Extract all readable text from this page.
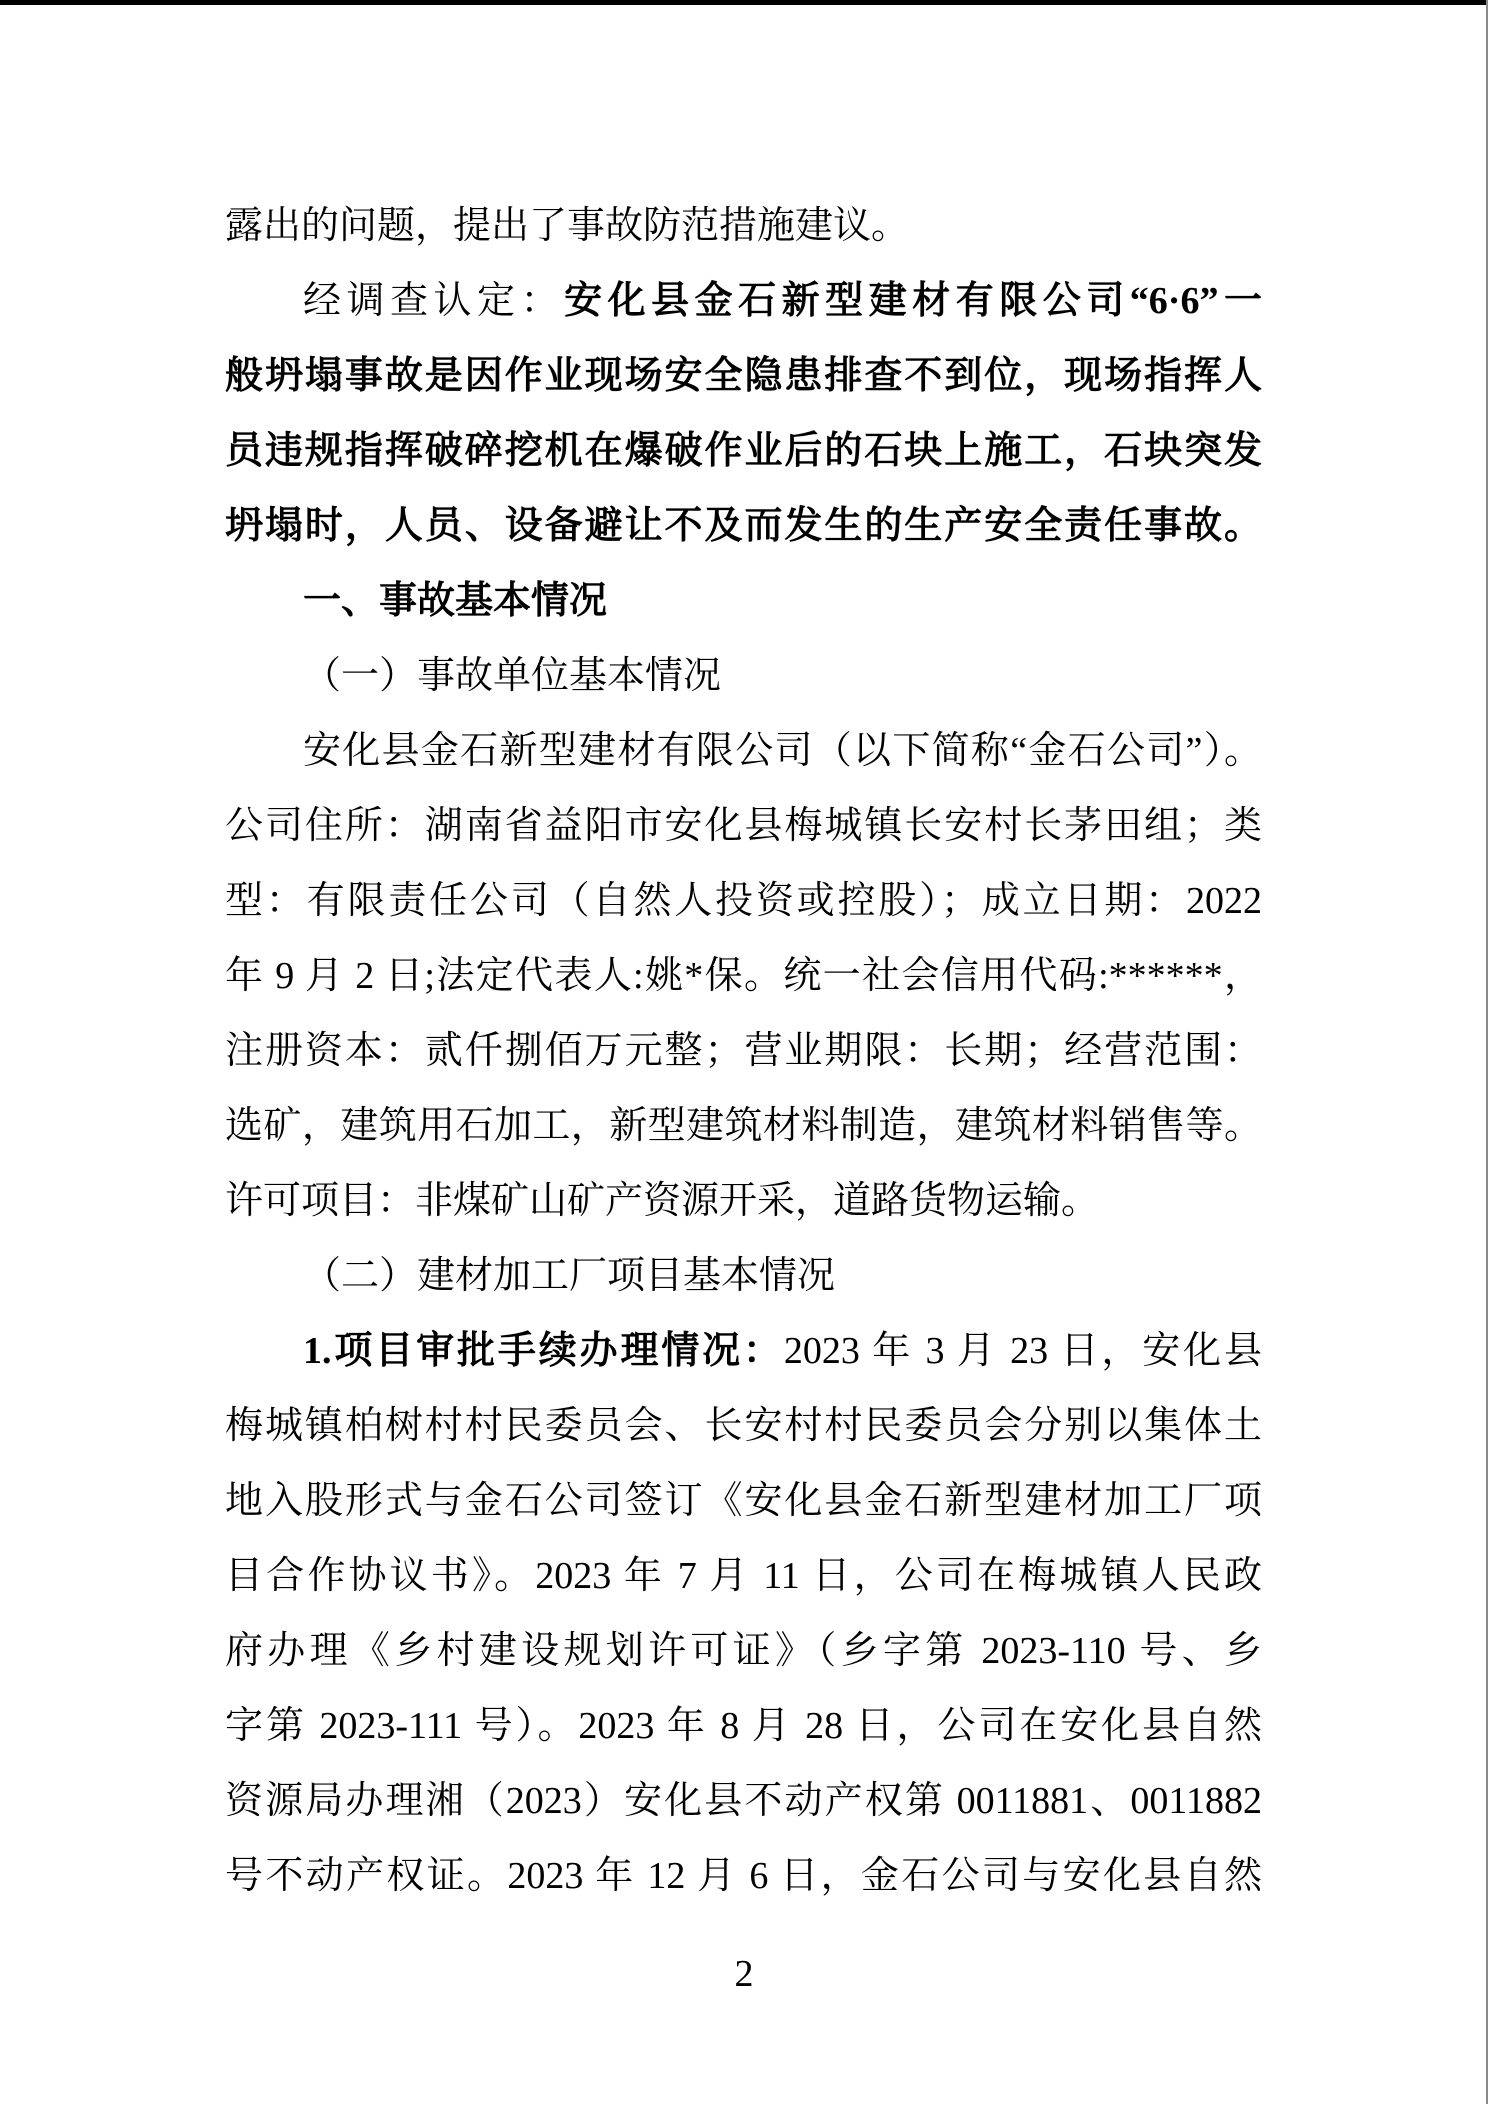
露出的问题，提出了事故防范措施建议。
经调查认定：安化县金石新型建材有限公司“6·6”一
般坍塌事故是因作业现场安全隐患排查不到位，现场指挥人
员违规指挥破碎挖机在爆破作业后的石块上施工，石块突发
坍塌时，人员、设备避让不及而发生的生产安全责任事故。
一、事故基本情况
（一）事故单位基本情况
安化县金石新型建材有限公司（以下简称“金石公司”）。
公司住所：湖南省益阳市安化县梅城镇长安村长茅田组；类
型：有限责任公司（自然人投资或控股）；成立日期：2022
年 9 月 2 日;法定代表人:姚*保。统一社会信用代码:******，
注册资本：贰仟捌佰万元整；营业期限：长期；经营范围：
选矿，建筑用石加工，新型建筑材料制造，建筑材料销售等。
许可项目：非煤矿山矿产资源开采，道路货物运输。
（二）建材加工厂项目基本情况
1.项目审批手续办理情况：2023 年 3 月 23 日，安化县
梅城镇柏树村村民委员会、长安村村民委员会分别以集体土
地入股形式与金石公司签订《安化县金石新型建材加工厂项
目合作协议书》。2023 年 7 月 11 日，公司在梅城镇人民政
府办理《乡村建设规划许可证》（乡字第 2023-110 号、乡
字第 2023-111 号）。2023 年 8 月 28 日，公司在安化县自然
资源局办理湘（2023）安化县不动产权第 0011881、0011882
号不动产权证。2023 年 12 月 6 日，金石公司与安化县自然
2
